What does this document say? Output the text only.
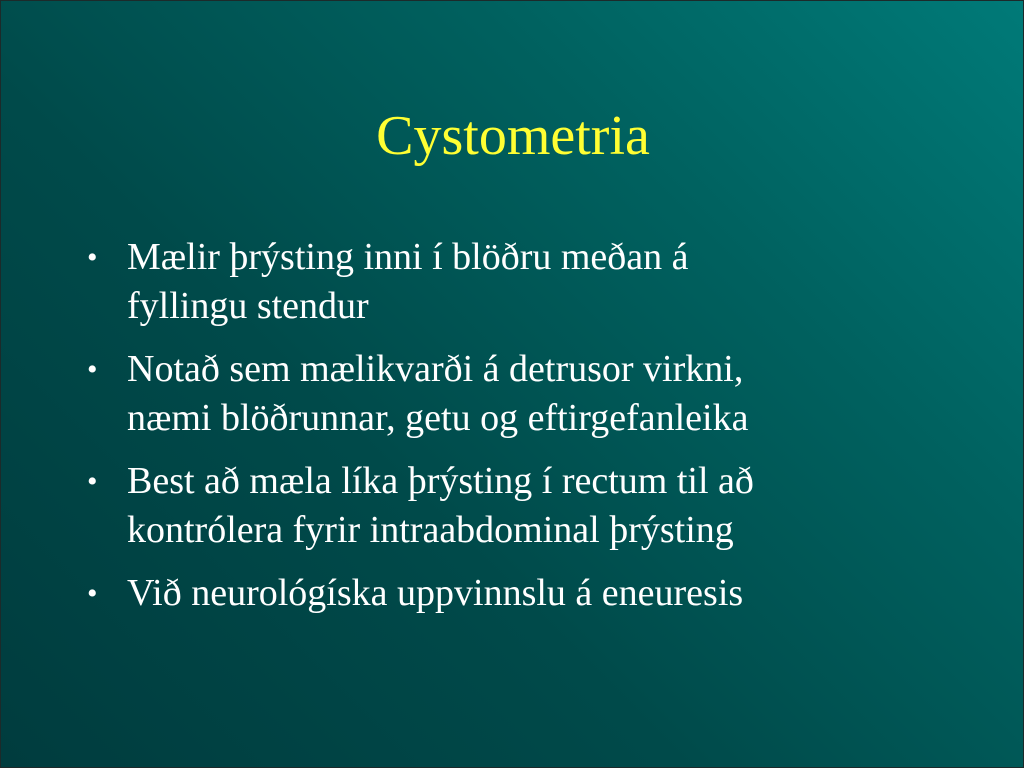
Cystometria
• Mælir þrýsting inni í blöðru meðan á
fyllingu stendur
• Notað sem mælikvarði á detrusor virkni,
næmi blöðrunnar, getu og eftirgefanleika
• Best að mæla líka þrýsting í rectum til að
kontrólera fyrir intraabdominal þrýsting
• Við neurológíska uppvinnslu á eneuresis
